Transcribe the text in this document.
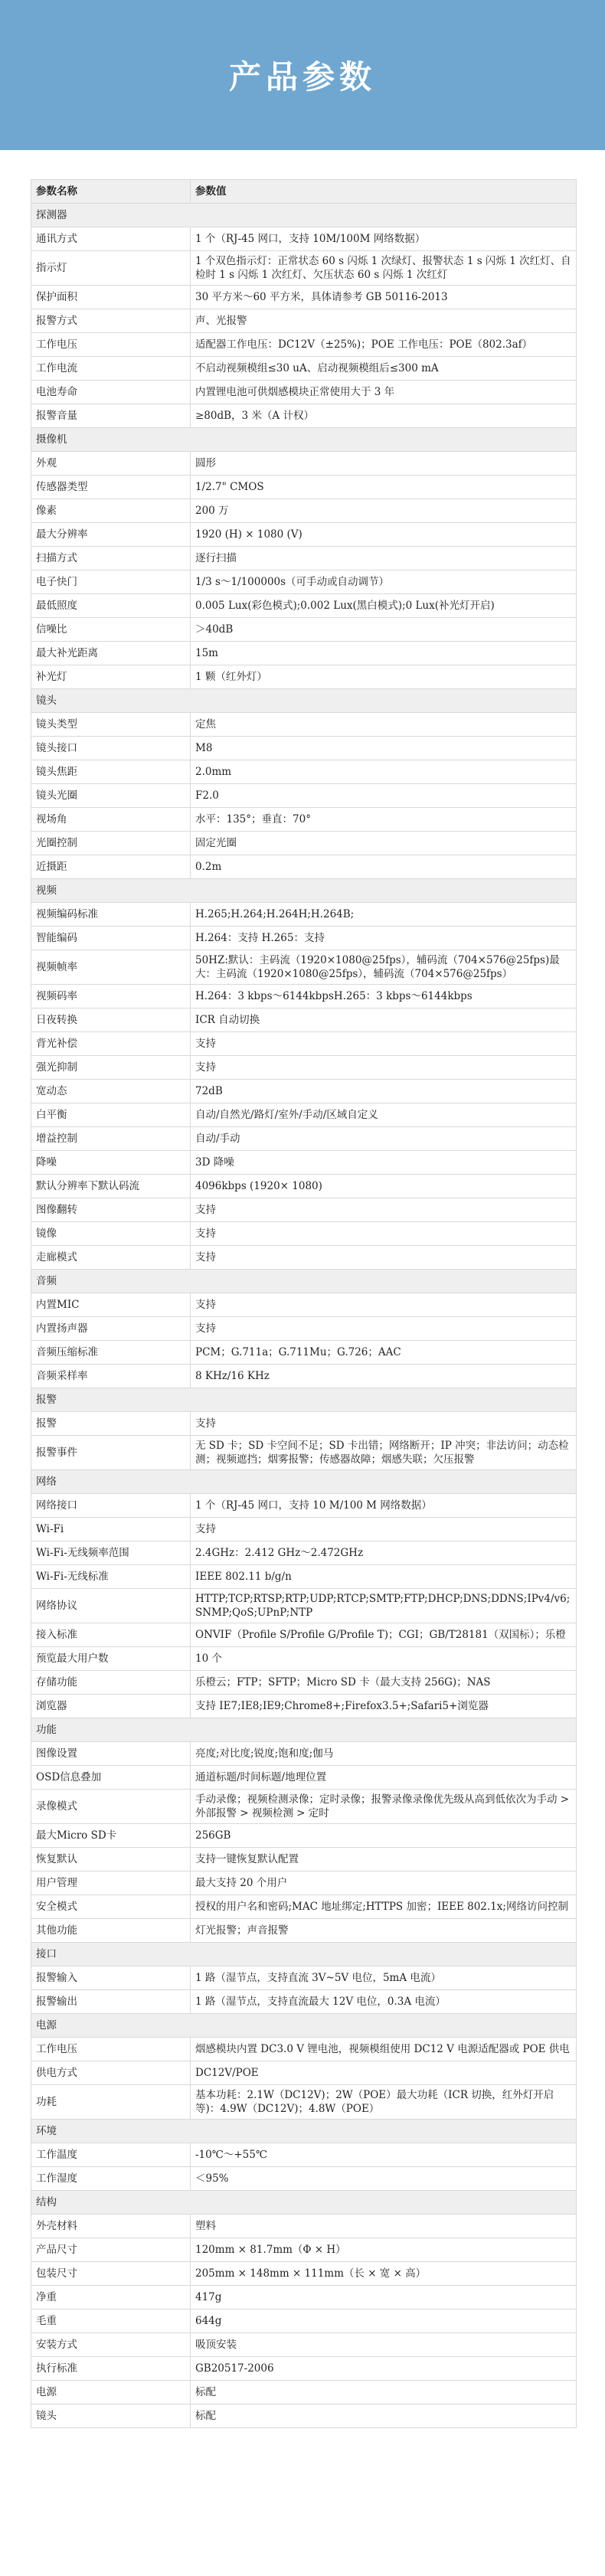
产品参数
参数名称	参数值
探测器	
通讯方式	1 个（RJ-45 网口，支持 10M/100M 网络数据）
指示灯	1 个双色指示灯：正常状态 60 s 闪烁 1 次绿灯、报警状态 1 s 闪烁 1 次红灯、自检时 1 s 闪烁 1 次红灯、欠压状态 60 s 闪烁 1 次红灯
保护面积	30 平方米～60 平方米，具体请参考 GB 50116-2013
报警方式	声、光报警
工作电压	适配器工作电压：DC12V（±25%)；POE 工作电压：POE（802.3af）
工作电流	不启动视频模组≤30 uA、启动视频模组后≤300 mA
电池寿命	内置锂电池可供烟感模块正常使用大于 3 年
报警音量	≥80dB，3 米（A 计权）
摄像机	
外观	圆形
传感器类型	1/2.7" CMOS
像素	200 万
最大分辨率	1920 (H) × 1080 (V)
扫描方式	逐行扫描
电子快门	1/3 s～1/100000s（可手动或自动调节）
最低照度	0.005 Lux(彩色模式);0.002 Lux(黑白模式);0 Lux(补光灯开启)
信噪比	＞40dB
最大补光距离	15m
补光灯	1 颗（红外灯）
镜头	
镜头类型	定焦
镜头接口	M8
镜头焦距	2.0mm
镜头光圈	F2.0
视场角	水平：135°；垂直：70°
光圈控制	固定光圈
近摄距	0.2m
视频	
视频编码标准	H.265;H.264;H.264H;H.264B;
智能编码	H.264：支持 H.265：支持
视频帧率	50HZ:默认：主码流（1920×1080@25fps），辅码流（704×576@25fps)最大：主码流（1920×1080@25fps），辅码流（704×576@25fps）
视频码率	H.264：3 kbps～6144kbpsH.265：3 kbps～6144kbps
日夜转换	ICR 自动切换
背光补偿	支持
强光抑制	支持
宽动态	72dB
白平衡	自动/自然光/路灯/室外/手动/区域自定义
增益控制	自动/手动
降噪	3D 降噪
默认分辨率下默认码流	4096kbps (1920× 1080)
图像翻转	支持
镜像	支持
走廊模式	支持
音频	
内置MIC	支持
内置扬声器	支持
音频压缩标准	PCM；G.711a；G.711Mu；G.726；AAC
音频采样率	8 KHz/16 KHz
报警	
报警	支持
报警事件	无 SD 卡；SD 卡空间不足；SD 卡出错；网络断开；IP 冲突；非法访问；动态检测；视频遮挡；烟雾报警；传感器故障；烟感失联；欠压报警
网络	
网络接口	1 个（RJ-45 网口，支持 10 M/100 M 网络数据）
Wi-Fi	支持
Wi-Fi-无线频率范围	2.4GHz：2.412 GHz～2.472GHz
Wi-Fi-无线标准	IEEE 802.11 b/g/n
网络协议	HTTP;TCP;RTSP;RTP;UDP;RTCP;SMTP;FTP;DHCP;DNS;DDNS;IPv4/v6;SNMP;QoS;UPnP;NTP
接入标准	ONVIF（Profile S/Profile G/Profile T)；CGI；GB/T28181（双国标）；乐橙
预览最大用户数	10 个
存储功能	乐橙云；FTP；SFTP；Micro SD 卡（最大支持 256G)；NAS
浏览器	支持 IE7;IE8;IE9;Chrome8+;Firefox3.5+;Safari5+浏览器
功能	
图像设置	亮度;对比度;锐度;饱和度;伽马
OSD信息叠加	通道标题/时间标题/地理位置
录像模式	手动录像；视频检测录像；定时录像；报警录像录像优先级从高到低依次为手动 > 外部报警 > 视频检测 > 定时
最大Micro SD卡	256GB
恢复默认	支持一键恢复默认配置
用户管理	最大支持 20 个用户
安全模式	授权的用户名和密码;MAC 地址绑定;HTTPS 加密；IEEE 802.1x;网络访问控制
其他功能	灯光报警；声音报警
接口	
报警输入	1 路（湿节点，支持直流 3V~5V 电位，5mA 电流）
报警输出	1 路（湿节点，支持直流最大 12V 电位，0.3A 电流）
电源	
工作电压	烟感模块内置 DC3.0 V 锂电池，视频模组使用 DC12 V 电源适配器或 POE 供电
供电方式	DC12V/POE
功耗	基本功耗：2.1W（DC12V)；2W（POE）最大功耗（ICR 切换，红外灯开启等)：4.9W（DC12V)；4.8W（POE）
环境	
工作温度	-10℃～+55℃
工作湿度	＜95%
结构	
外壳材料	塑料
产品尺寸	120mm × 81.7mm（Φ × H）
包装尺寸	205mm × 148mm × 111mm（长 × 宽 × 高）
净重	417g
毛重	644g
安装方式	吸顶安装
执行标准	GB20517-2006
电源	标配
镜头	标配
